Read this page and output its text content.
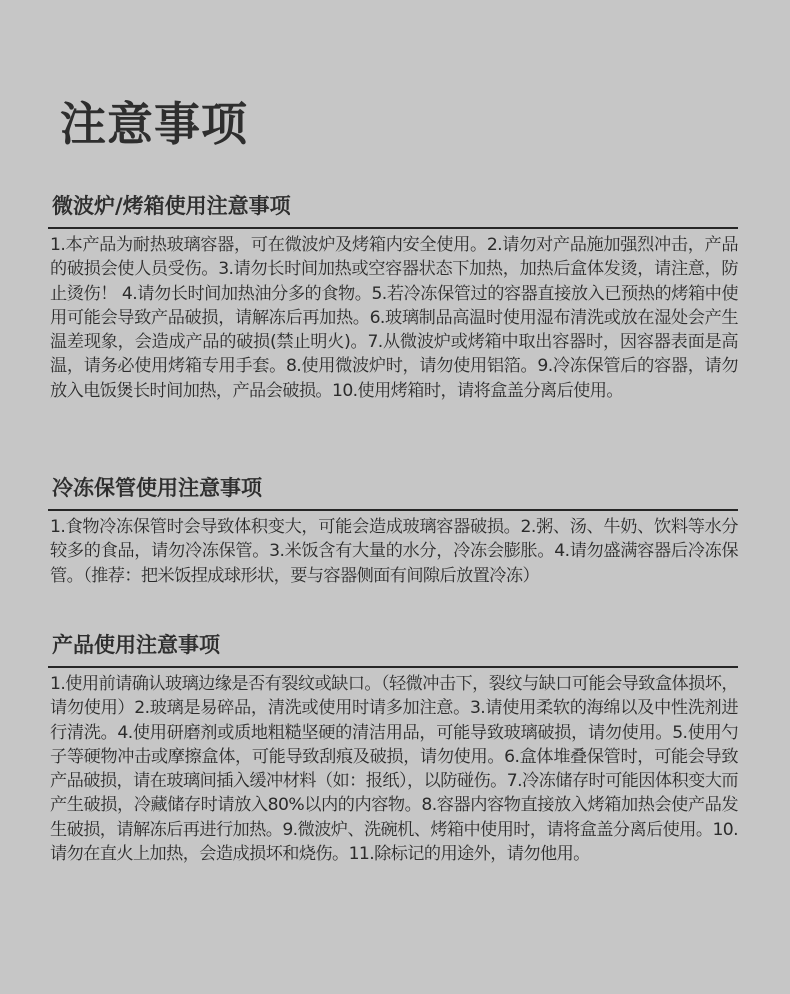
注意事项
微波炉/烤箱使用注意事项

1.本产品为耐热玻璃容器，可在微波炉及烤箱内安全使用。2.请勿对产品施加强烈冲击，产品的破损会使人员受伤。3.请勿长时间加热或空容器状态下加热，加热后盒体发烫，请注意，防止烫伤！ 4.请勿长时间加热油分多的食物。5.若冷冻保管过的容器直接放入已预热的烤箱中使用可能会导致产品破损，请解冻后再加热。6.玻璃制品高温时使用湿布清洗或放在湿处会产生温差现象，会造成产品的破损(禁止明火)。7.从微波炉或烤箱中取出容器时，因容器表面是高温，请务必使用烤箱专用手套。8.使用微波炉时，请勿使用铝箔。9.冷冻保管后的容器，请勿放入电饭煲长时间加热，产品会破损。10.使用烤箱时，请将盒盖分离后使用。

冷冻保管使用注意事项

1.食物冷冻保管时会导致体积变大，可能会造成玻璃容器破损。2.粥、汤、牛奶、饮料等水分较多的食品，请勿冷冻保管。3.米饭含有大量的水分，冷冻会膨胀。4.请勿盛满容器后冷冻保管。（推荐：把米饭捏成球形状，要与容器侧面有间隙后放置冷冻）

产品使用注意事项

1.使用前请确认玻璃边缘是否有裂纹或缺口。（轻微冲击下，裂纹与缺口可能会导致盒体损坏，请勿使用）2.玻璃是易碎品，清洗或使用时请多加注意。3.请使用柔软的海绵以及中性洗剂进行清洗。4.使用研磨剂或质地粗糙坚硬的清洁用品，可能导致玻璃破损，请勿使用。5.使用勺子等硬物冲击或摩擦盒体，可能导致刮痕及破损，请勿使用。6.盒体堆叠保管时，可能会导致产品破损，请在玻璃间插入缓冲材料（如：报纸），以防碰伤。7.冷冻储存时可能因体积变大而产生破损，冷藏储存时请放入80%以内的内容物。8.容器内容物直接放入烤箱加热会使产品发生破损，请解冻后再进行加热。9.微波炉、洗碗机、烤箱中使用时，请将盒盖分离后使用。10.请勿在直火上加热，会造成损坏和烧伤。11.除标记的用途外，请勿他用。
